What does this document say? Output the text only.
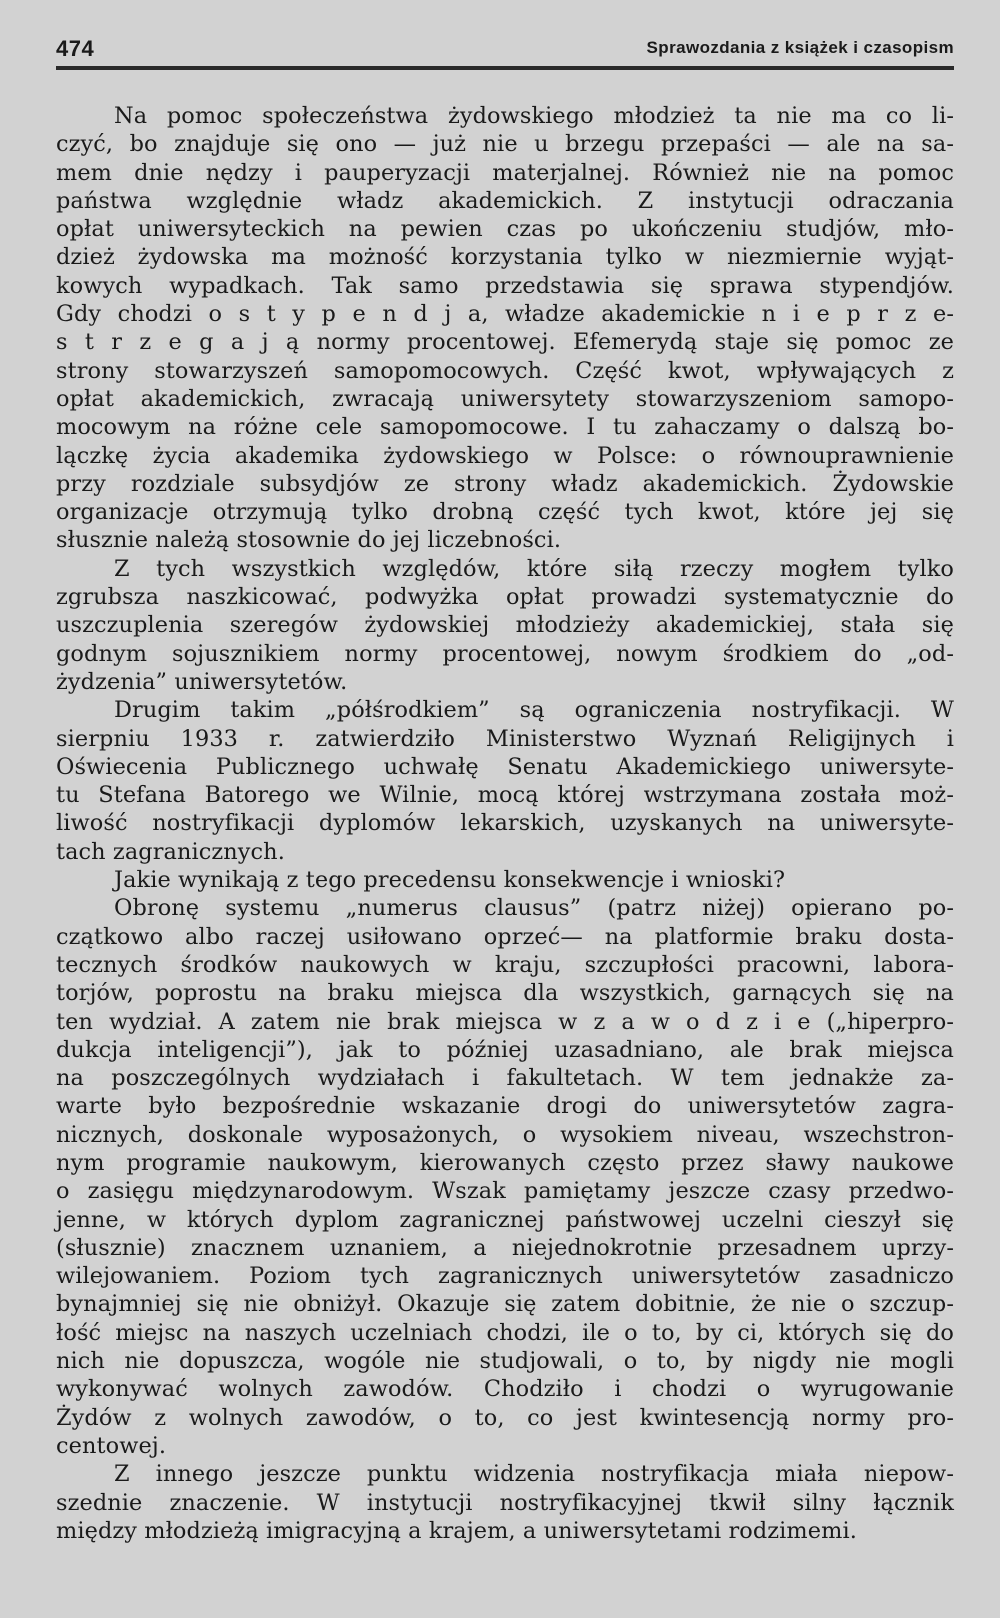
474	Sprawozdania z książek i czasopism
Na pomoc społeczeństwa żydowskiego młodzież ta nie ma co li-
czyć, bo znajduje się ono — już nie u brzegu przepaści — ale na sa-
mem dnie nędzy i pauperyzacji materjalnej. Również nie na pomoc
państwa względnie władz akademickich. Z instytucji odraczania
opłat uniwersyteckich na pewien czas po ukończeniu studjów, mło-
dzież żydowska ma możność korzystania tylko w niezmiernie wyjąt-
kowych wypadkach. Tak samo przedstawia się sprawa stypendjów.
Gdy chodzi o s t y p e n d j a, władze akademickie n i e p r z e-
s t r z e g a j ą normy procentowej. Efemerydą staje się pomoc ze
strony stowarzyszeń samopomocowych. Część kwot, wpływających z
opłat akademickich, zwracają uniwersytety stowarzyszeniom samopo-
mocowym na różne cele samopomocowe. I tu zahaczamy o dalszą bo-
lączkę życia akademika żydowskiego w Polsce: o równouprawnienie
przy rozdziale subsydjów ze strony władz akademickich. Żydowskie
organizacje otrzymują tylko drobną część tych kwot, które jej się
słusznie należą stosownie do jej liczebności.
Z tych wszystkich względów, które siłą rzeczy mogłem tylko
zgrubsza naszkicować, podwyżka opłat prowadzi systematycznie do
uszczuplenia szeregów żydowskiej młodzieży akademickiej, stała się
godnym sojusznikiem normy procentowej, nowym środkiem do „od-
żydzenia” uniwersytetów.
Drugim takim „półśrodkiem” są ograniczenia nostryfikacji. W
sierpniu 1933 r. zatwierdziło Ministerstwo Wyznań Religijnych i
Oświecenia Publicznego uchwałę Senatu Akademickiego uniwersyte-
tu Stefana Batorego we Wilnie, mocą której wstrzymana została moż-
liwość nostryfikacji dyplomów lekarskich, uzyskanych na uniwersyte-
tach zagranicznych.
Jakie wynikają z tego precedensu konsekwencje i wnioski?
Obronę systemu „numerus clausus” (patrz niżej) opierano po-
czątkowo albo raczej usiłowano oprzeć— na platformie braku dosta-
tecznych środków naukowych w kraju, szczupłości pracowni, labora-
torjów, poprostu na braku miejsca dla wszystkich, garnących się na
ten wydział. A zatem nie brak miejsca w z a w o d z i e („hiperpro-
dukcja inteligencji”), jak to później uzasadniano, ale brak miejsca
na poszczególnych wydziałach i fakultetach. W tem jednakże za-
warte było bezpośrednie wskazanie drogi do uniwersytetów zagra-
nicznych, doskonale wyposażonych, o wysokiem niveau, wszechstron-
nym programie naukowym, kierowanych często przez sławy naukowe
o zasięgu międzynarodowym. Wszak pamiętamy jeszcze czasy przedwo-
jenne, w których dyplom zagranicznej państwowej uczelni cieszył się
(słusznie) znacznem uznaniem, a niejednokrotnie przesadnem uprzy-
wilejowaniem. Poziom tych zagranicznych uniwersytetów zasadniczo
bynajmniej się nie obniżył. Okazuje się zatem dobitnie, że nie o szczup-
łość miejsc na naszych uczelniach chodzi, ile o to, by ci, których się do
nich nie dopuszcza, wogóle nie studjowali, o to, by nigdy nie mogli
wykonywać wolnych zawodów. Chodziło i chodzi o wyrugowanie
Żydów z wolnych zawodów, o to, co jest kwintesencją normy pro-
centowej.
Z innego jeszcze punktu widzenia nostryfikacja miała niepow-
szednie znaczenie. W instytucji nostryfikacyjnej tkwił silny łącznik
między młodzieżą imigracyjną a krajem, a uniwersytetami rodzimemi.
